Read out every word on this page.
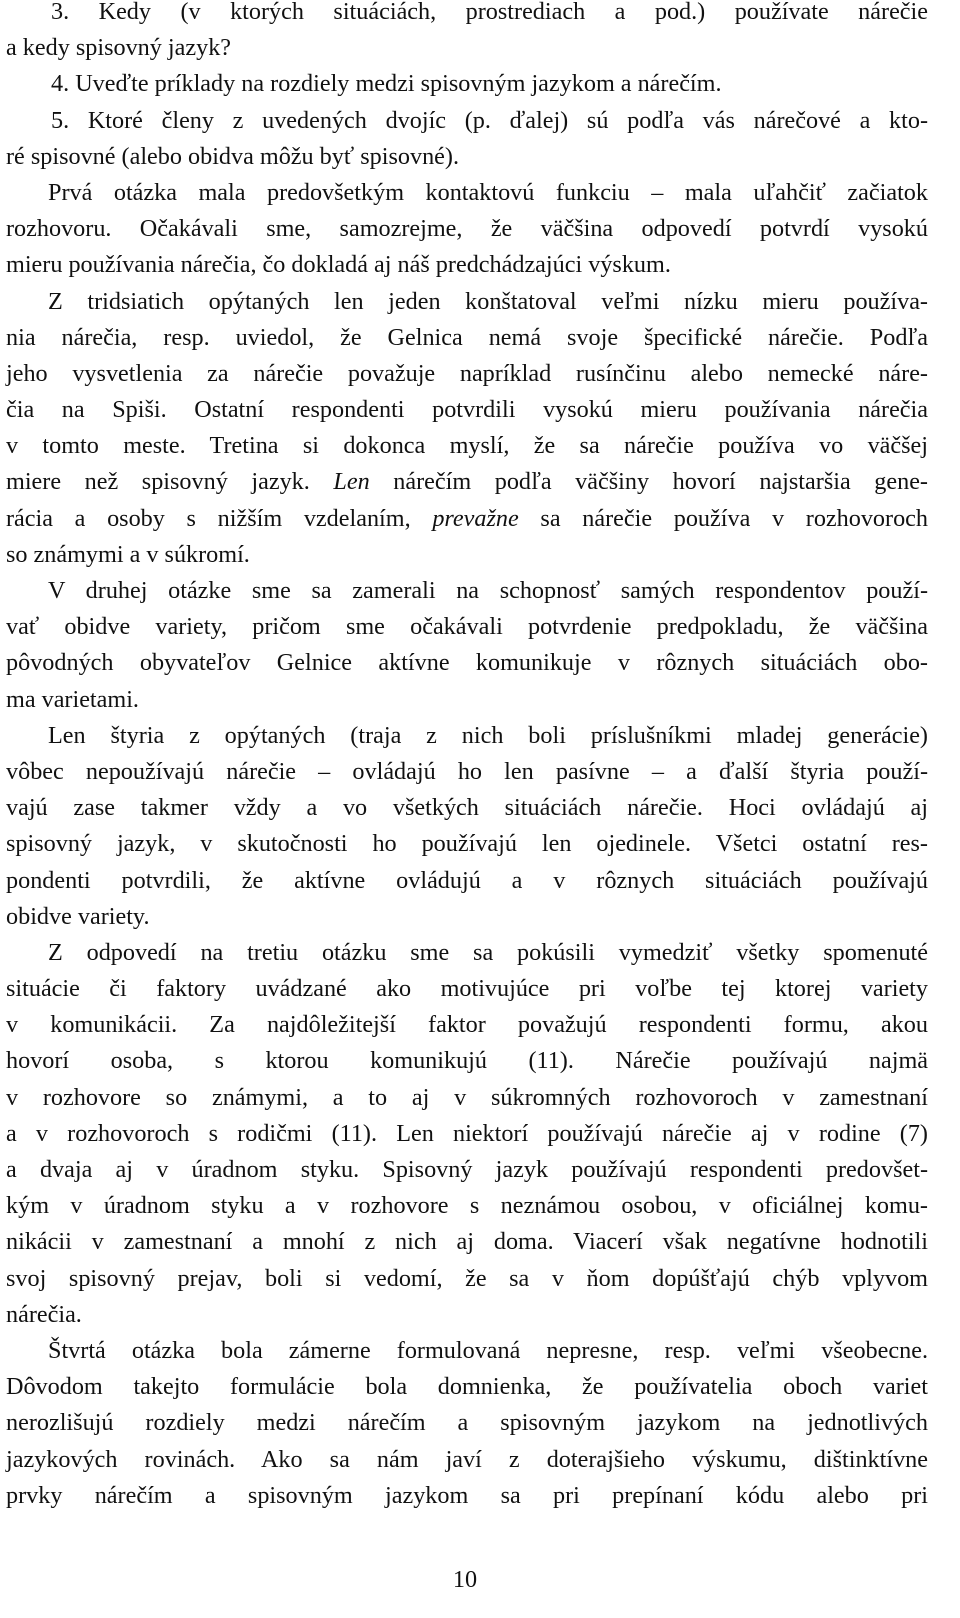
3. Kedy (v ktorých situáciách, prostrediach a pod.) používate nárečie
a kedy spisovný jazyk?
4. Uveďte príklady na rozdiely medzi spisovným jazykom a nárečím.
5. Ktoré členy z uvedených dvojíc (p. ďalej) sú podľa vás nárečové a kto-
ré spisovné (alebo obidva môžu byť spisovné).
Prvá otázka mala predovšetkým kontaktovú funkciu – mala uľahčiť začiatok
rozhovoru. Očakávali sme, samozrejme, že väčšina odpovedí potvrdí vysokú
mieru používania nárečia, čo dokladá aj náš predchádzajúci výskum.
Z tridsiatich opýtaných len jeden konštatoval veľmi nízku mieru používa-
nia nárečia, resp. uviedol, že Gelnica nemá svoje špecifické nárečie. Podľa
jeho vysvetlenia za nárečie považuje napríklad rusínčinu alebo nemecké náre-
čia na Spiši. Ostatní respondenti potvrdili vysokú mieru používania nárečia
v tomto meste. Tretina si dokonca myslí, že sa nárečie používa vo väčšej
miere než spisovný jazyk. Len nárečím podľa väčšiny hovorí najstaršia gene-
rácia a osoby s nižším vzdelaním, prevažne sa nárečie používa v rozhovoroch
so známymi a v súkromí.
V druhej otázke sme sa zamerali na schopnosť samých respondentov použí-
vať obidve variety, pričom sme očakávali potvrdenie predpokladu, že väčšina
pôvodných obyvateľov Gelnice aktívne komunikuje v rôznych situáciách obo-
ma varietami.
Len štyria z opýtaných (traja z nich boli príslušníkmi mladej generácie)
vôbec nepoužívajú nárečie – ovládajú ho len pasívne – a ďalší štyria použí-
vajú zase takmer vždy a vo všetkých situáciách nárečie. Hoci ovládajú aj
spisovný jazyk, v skutočnosti ho používajú len ojedinele. Všetci ostatní res-
pondenti potvrdili, že aktívne ovládujú a v rôznych situáciách používajú
obidve variety.
Z odpovedí na tretiu otázku sme sa pokúsili vymedziť všetky spomenuté
situácie či faktory uvádzané ako motivujúce pri voľbe tej ktorej variety
v komunikácii. Za najdôležitejší faktor považujú respondenti formu, akou
hovorí osoba, s ktorou komunikujú (11). Nárečie používajú najmä
v rozhovore so známymi, a to aj v súkromných rozhovoroch v zamestnaní
a v rozhovoroch s rodičmi (11). Len niektorí používajú nárečie aj v rodine (7)
a dvaja aj v úradnom styku. Spisovný jazyk používajú respondenti predovšet-
kým v úradnom styku a v rozhovore s neznámou osobou, v oficiálnej komu-
nikácii v zamestnaní a mnohí z nich aj doma. Viacerí však negatívne hodnotili
svoj spisovný prejav, boli si vedomí, že sa v ňom dopúšťajú chýb vplyvom
nárečia.
Štvrtá otázka bola zámerne formulovaná nepresne, resp. veľmi všeobecne.
Dôvodom takejto formulácie bola domnienka, že používatelia oboch variet
nerozlišujú rozdiely medzi nárečím a spisovným jazykom na jednotlivých
jazykových rovinách. Ako sa nám javí z doterajšieho výskumu, dištinktívne
prvky nárečím a spisovným jazykom sa pri prepínaní kódu alebo pri
10
